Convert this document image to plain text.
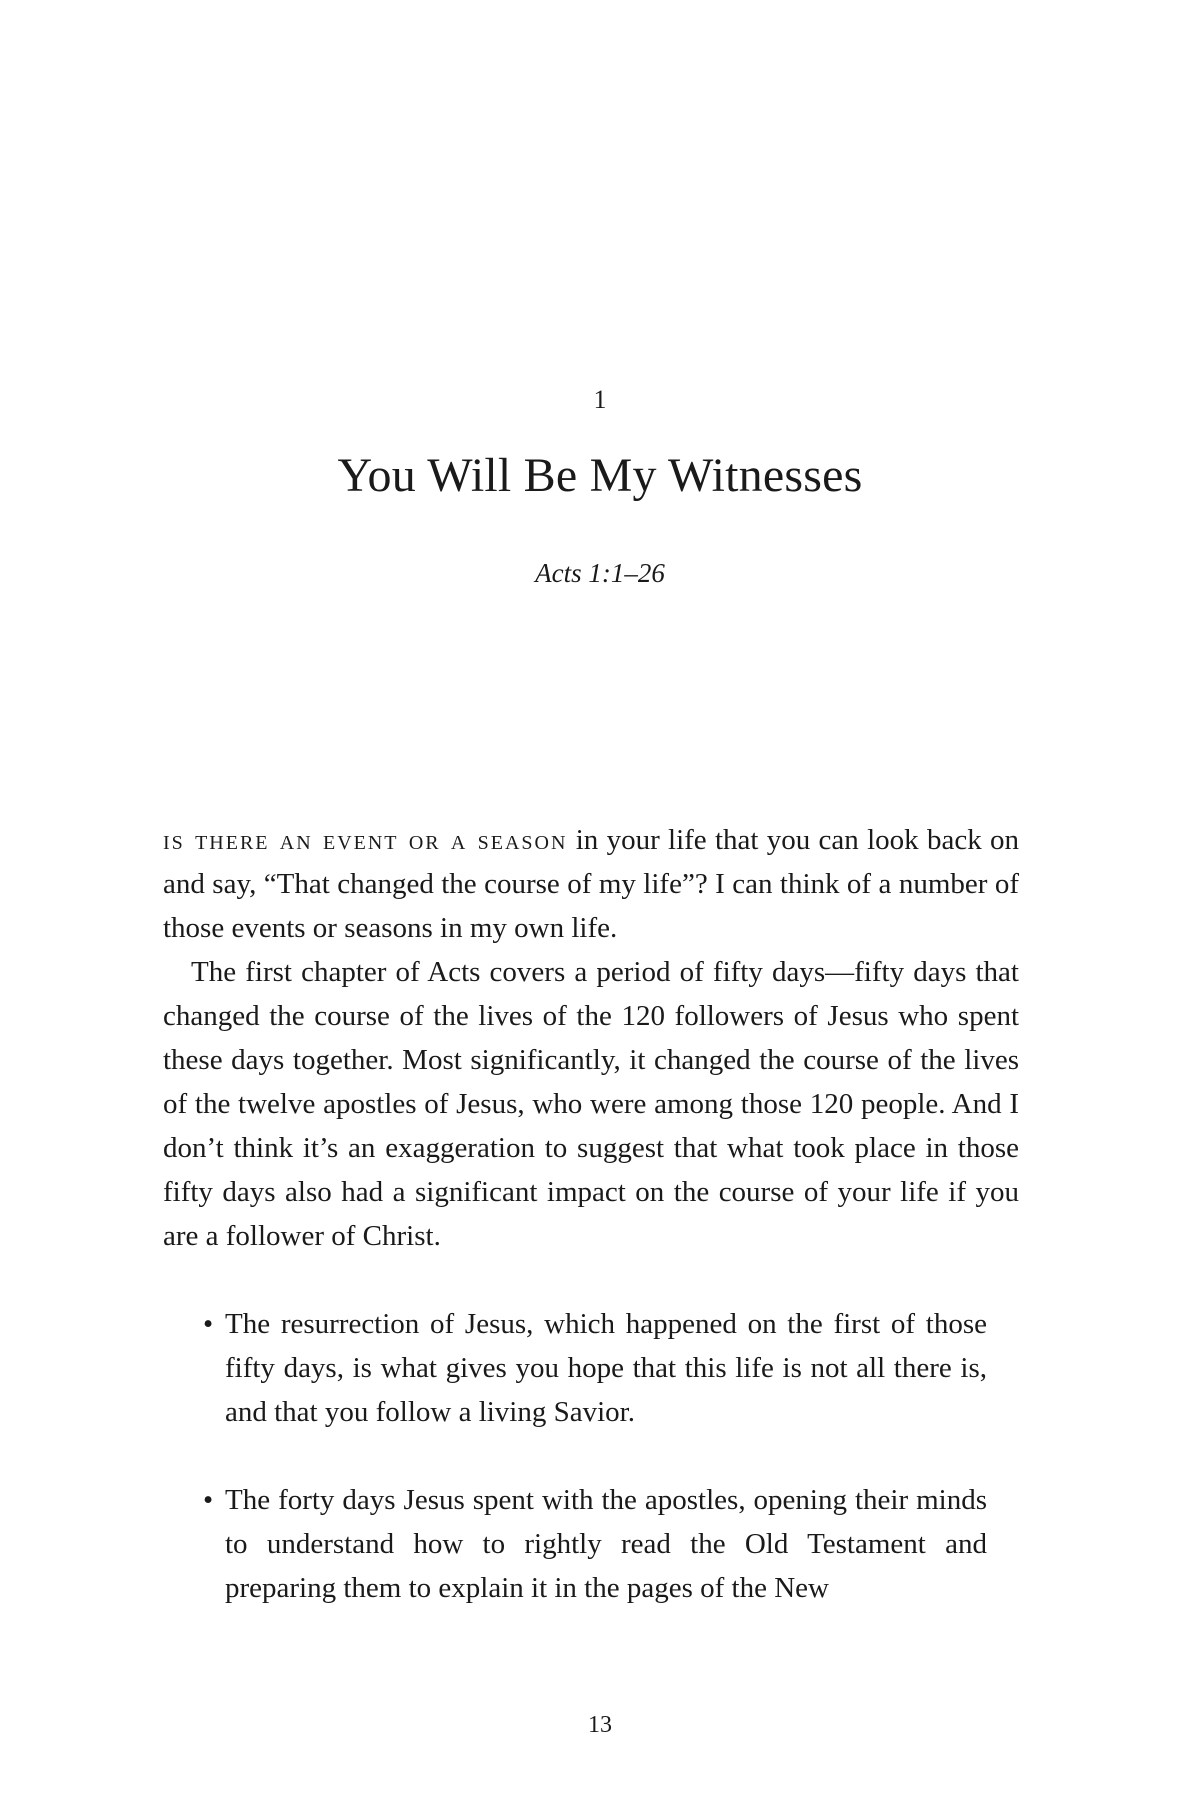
1
You Will Be My Witnesses
Acts 1:1–26

is there an event or a season in your life that you can look back on and say, “That changed the course of my life”? I can think of a number of those events or seasons in my own life.

The first chapter of Acts covers a period of fifty days—fifty days that changed the course of the lives of the 120 followers of Jesus who spent these days together. Most significantly, it changed the course of the lives of the twelve apostles of Jesus, who were among those 120 people. And I don’t think it’s an exaggeration to suggest that what took place in those fifty days also had a significant impact on the course of your life if you are a follower of Christ.

• The resurrection of Jesus, which happened on the first of those fifty days, is what gives you hope that this life is not all there is, and that you follow a living Savior.
• The forty days Jesus spent with the apostles, opening their minds to understand how to rightly read the Old Testament and preparing them to explain it in the pages of the New
13
